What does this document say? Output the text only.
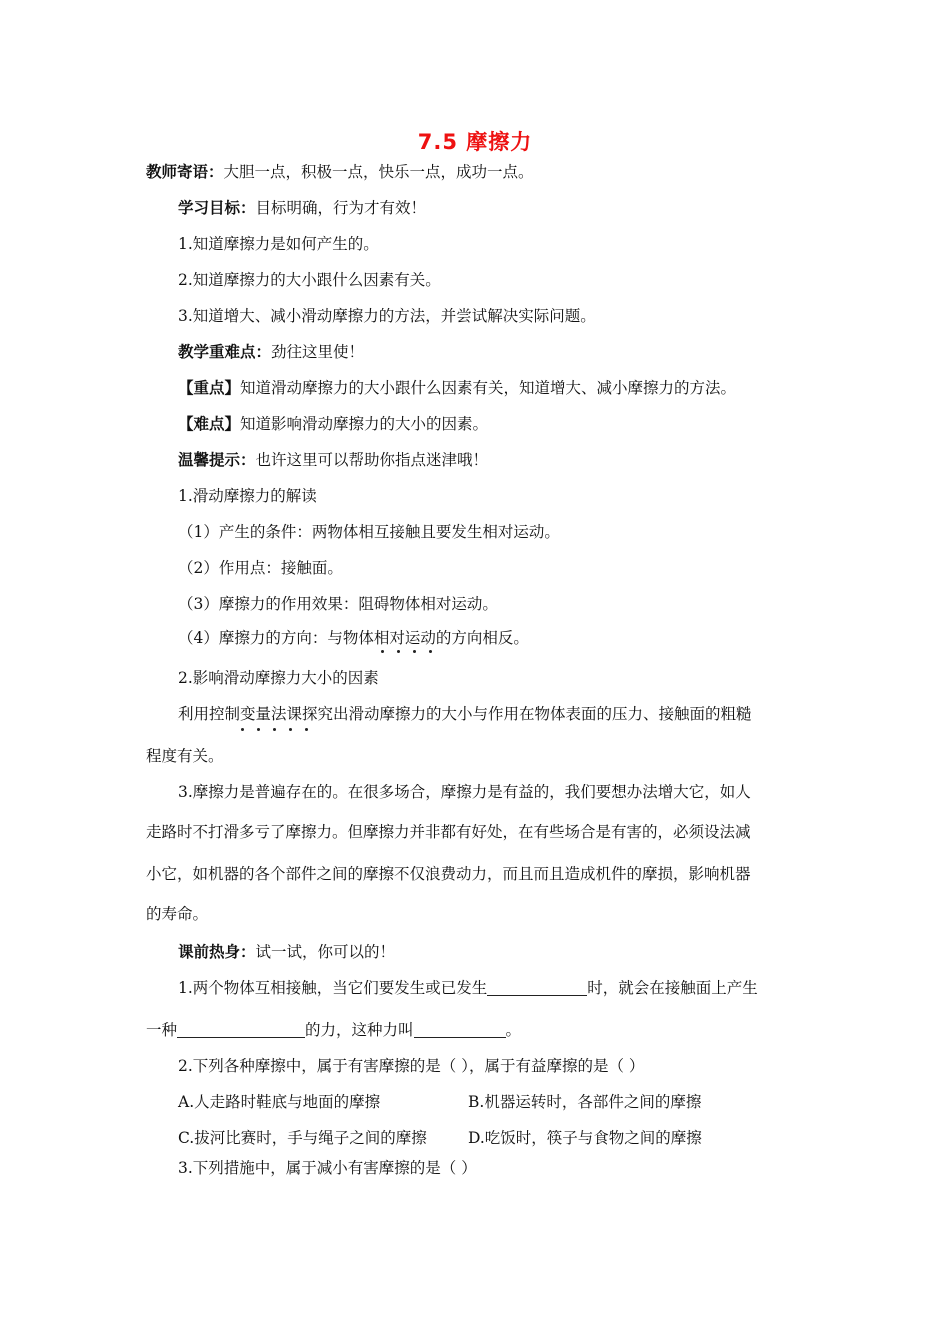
7.5 摩擦力
教师寄语：大胆一点，积极一点，快乐一点，成功一点。
学习目标：目标明确，行为才有效！
1.知道摩擦力是如何产生的。
2.知道摩擦力的大小跟什么因素有关。
3.知道增大、减小滑动摩擦力的方法，并尝试解决实际问题。
教学重难点：劲往这里使！
【重点】知道滑动摩擦力的大小跟什么因素有关，知道增大、减小摩擦力的方法。
【难点】知道影响滑动摩擦力的大小的因素。
温馨提示：也许这里可以帮助你指点迷津哦！
1.滑动摩擦力的解读
（1）产生的条件：两物体相互接触且要发生相对运动。
（2）作用点：接触面。
（3）摩擦力的作用效果：阻碍物体相对运动。
（4）摩擦力的方向：与物体相对运动的方向相反。
2.影响滑动摩擦力大小的因素
利用控制变量法课探究出滑动摩擦力的大小与作用在物体表面的压力、接触面的粗糙
程度有关。
3.摩擦力是普遍存在的。在很多场合，摩擦力是有益的，我们要想办法增大它，如人
走路时不打滑多亏了摩擦力。但摩擦力并非都有好处，在有些场合是有害的，必须设法减
小它，如机器的各个部件之间的摩擦不仅浪费动力，而且而且造成机件的摩损，影响机器
的寿命。
课前热身：试一试，你可以的！
1.两个物体互相接触，当它们要发生或已发生	时，就会在接触面上产生
一种	的力，这种力叫	。
2.下列各种摩擦中，属于有害摩擦的是（ ），属于有益摩擦的是（ ）
A.人走路时鞋底与地面的摩擦	B.机器运转时，各部件之间的摩擦
C.拔河比赛时，手与绳子之间的摩擦	D.吃饭时，筷子与食物之间的摩擦
3.下列措施中，属于减小有害摩擦的是（ ）
